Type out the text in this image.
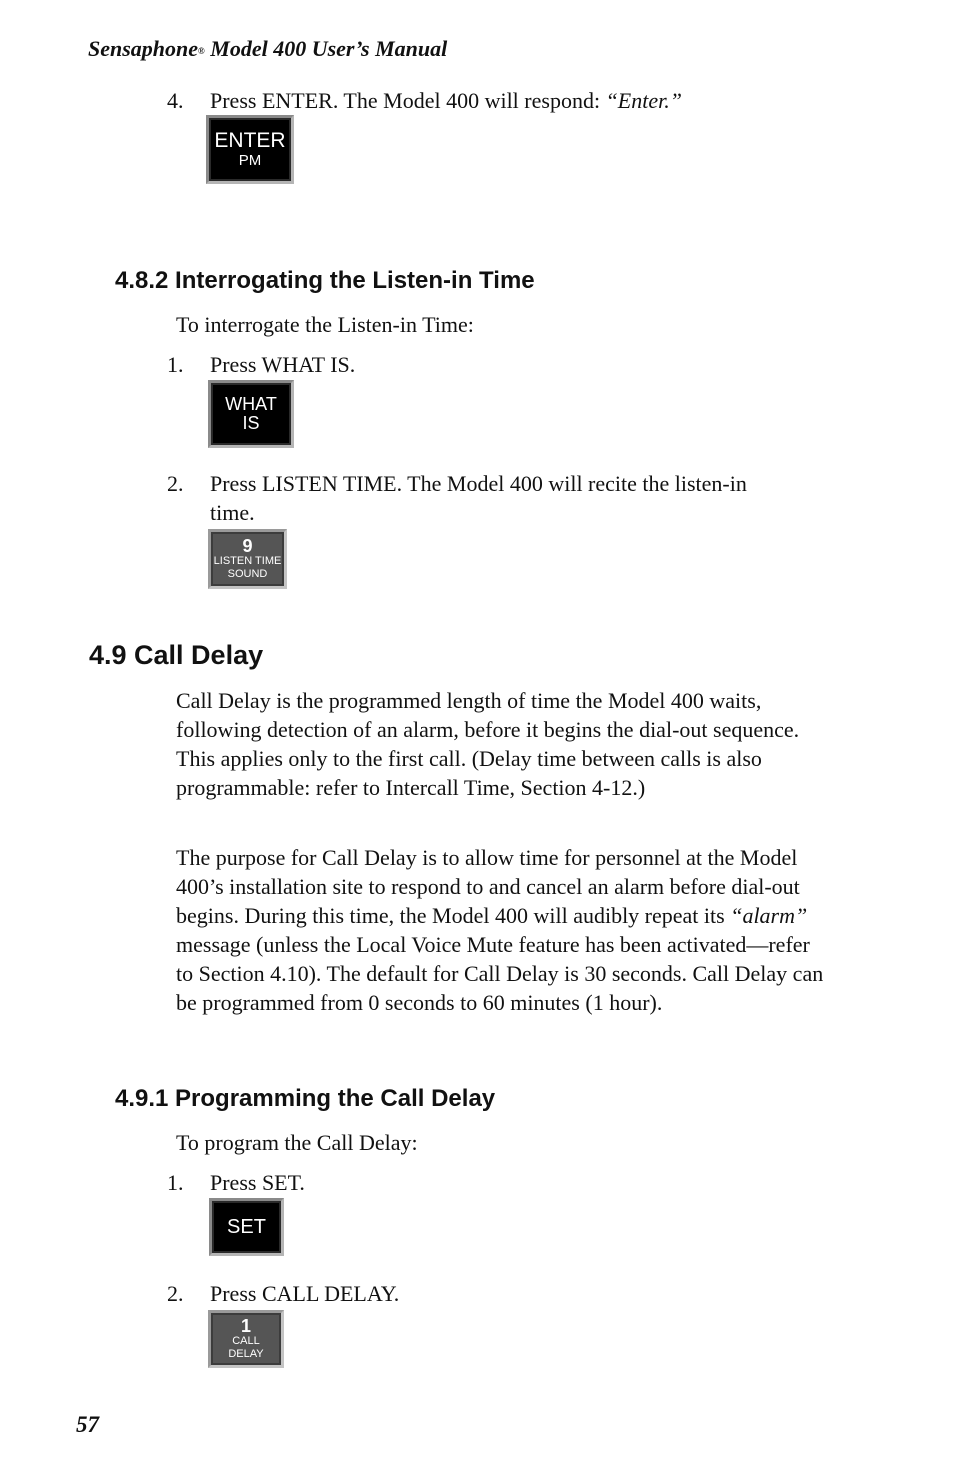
Sensaphone® Model 400 User’s Manual
4. Press ENTER. The Model 400 will respond: “Enter.”
ENTER
PM
4.8.2 Interrogating the Listen-in Time
To interrogate the Listen-in Time:
1. Press WHAT IS.
WHAT
IS
2. Press LISTEN TIME. The Model 400 will recite the listen-in
time.
9
LISTEN TIME
SOUND
4.9 Call Delay

Call Delay is the programmed length of time the Model 400 waits, following detection of an alarm, before it begins the dial-out sequence. This applies only to the first call. (Delay time between calls is also programmable: refer to Intercall Time, Section 4-12.)

The purpose for Call Delay is to allow time for personnel at the Model 400’s installation site to respond to and cancel an alarm before dial-out begins. During this time, the Model 400 will audibly repeat its “alarm” message (unless the Local Voice Mute feature has been activated—refer to Section 4.10). The default for Call Delay is 30 seconds. Call Delay can be programmed from 0 seconds to 60 minutes (1 hour).

4.9.1 Programming the Call Delay
To program the Call Delay:
1. Press SET.
SET
2. Press CALL DELAY.
1
CALL
DELAY
57
